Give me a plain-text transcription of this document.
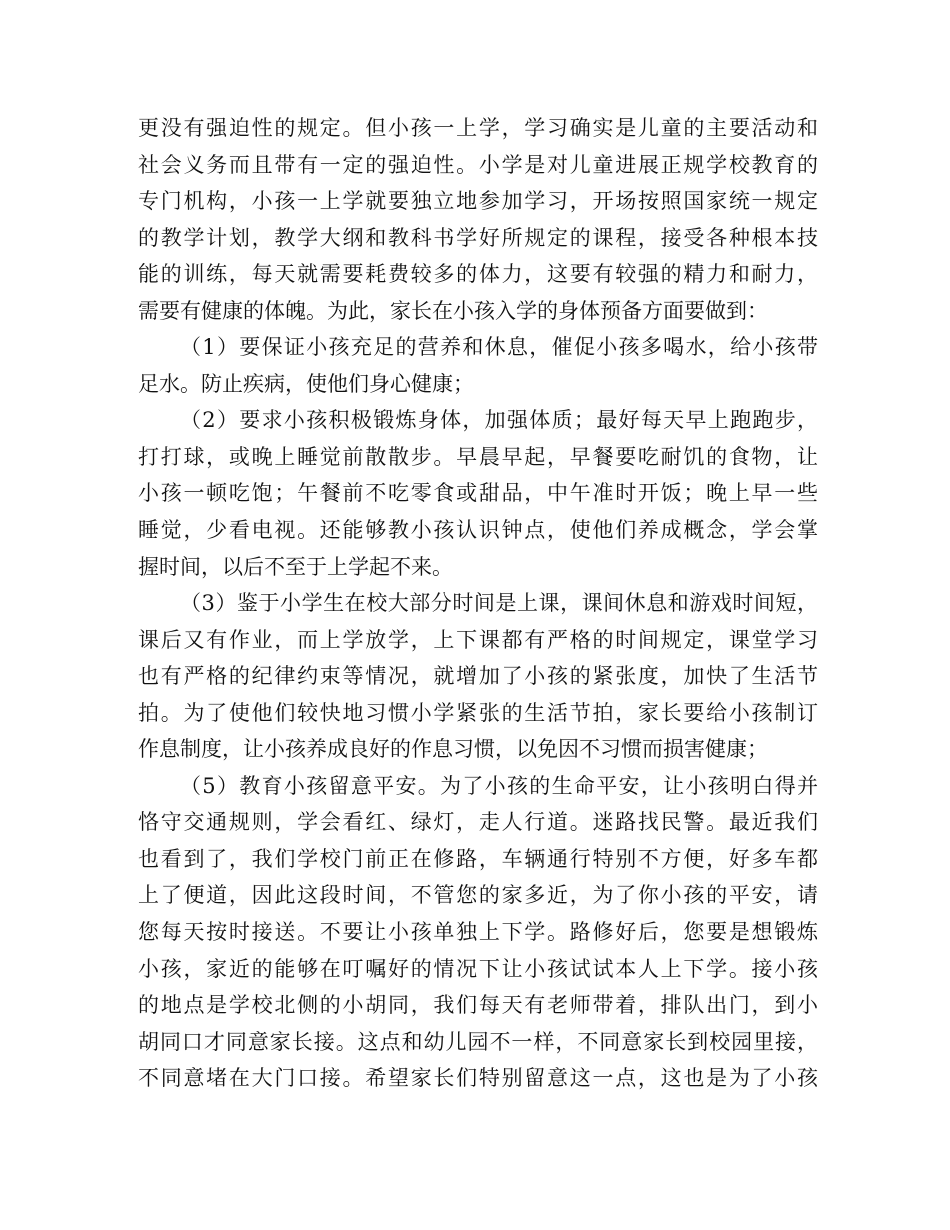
更没有强迫性的规定。但小孩一上学，学习确实是儿童的主要活动和
社会义务而且带有一定的强迫性。小学是对儿童进展正规学校教育的
专门机构，小孩一上学就要独立地参加学习，开场按照国家统一规定
的教学计划，教学大纲和教科书学好所规定的课程，接受各种根本技
能的训练，每天就需要耗费较多的体力，这要有较强的精力和耐力，
需要有健康的体魄。为此，家长在小孩入学的身体预备方面要做到：
（1）要保证小孩充足的营养和休息，催促小孩多喝水，给小孩带
足水。防止疾病，使他们身心健康；
（2）要求小孩积极锻炼身体，加强体质；最好每天早上跑跑步，
打打球，或晚上睡觉前散散步。早晨早起，早餐要吃耐饥的食物，让
小孩一顿吃饱；午餐前不吃零食或甜品，中午准时开饭；晚上早一些
睡觉，少看电视。还能够教小孩认识钟点，使他们养成概念，学会掌
握时间，以后不至于上学起不来。
（3）鉴于小学生在校大部分时间是上课，课间休息和游戏时间短，
课后又有作业，而上学放学，上下课都有严格的时间规定，课堂学习
也有严格的纪律约束等情况，就增加了小孩的紧张度，加快了生活节
拍。为了使他们较快地习惯小学紧张的生活节拍，家长要给小孩制订
作息制度，让小孩养成良好的作息习惯，以免因不习惯而损害健康；
（5）教育小孩留意平安。为了小孩的生命平安，让小孩明白得并
恪守交通规则，学会看红、绿灯，走人行道。迷路找民警。最近我们
也看到了，我们学校门前正在修路，车辆通行特别不方便，好多车都
上了便道，因此这段时间，不管您的家多近，为了你小孩的平安，请
您每天按时接送。不要让小孩单独上下学。路修好后，您要是想锻炼
小孩，家近的能够在叮嘱好的情况下让小孩试试本人上下学。接小孩
的地点是学校北侧的小胡同，我们每天有老师带着，排队出门，到小
胡同口才同意家长接。这点和幼儿园不一样，不同意家长到校园里接，
不同意堵在大门口接。希望家长们特别留意这一点，这也是为了小孩
